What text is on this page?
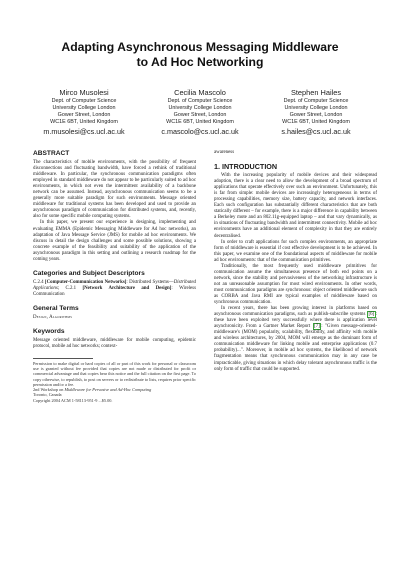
Adapting Asynchronous Messaging Middleware
to Ad Hoc Networking
Mirco Musolesi
Dept. of Computer Science
University College London
Gower Street, London
WC1E 6BT, United Kingdom
m.musolesi@cs.ucl.ac.uk
Cecilia Mascolo
Dept. of Computer Science
University College London
Gower Street, London
WC1E 6BT, United Kingdom
c.mascolo@cs.ucl.ac.uk
Stephen Hailes
Dept. of Computer Science
University College London
Gower Street, London
WC1E 6BT, United Kingdom
s.hailes@cs.ucl.ac.uk
ABSTRACT

The characteristics of mobile environments, with the possibility of frequent disconnections and fluctuating bandwidth, have forced a rethink of traditional middleware. In particular, the synchronous communication paradigms often employed in standard middleware do not appear to be particularly suited to ad hoc environments, in which not even the intermittent availability of a backbone network can be assumed. Instead, asynchronous communication seems to be a generally more suitable paradigm for such environments. Message oriented middleware for traditional systems has been developed and used to provide an asynchronous paradigm of communication for distributed systems, and, recently, also for some specific mobile computing systems.

In this paper, we present our experience in designing, implementing and evaluating EMMA (Epidemic Messaging Middleware for Ad hoc networks), an adaptation of Java Message Service (JMS) for mobile ad hoc environments. We discuss in detail the design challenges and some possible solutions, showing a concrete example of the feasibility and suitability of the application of the asynchronous paradigm in this setting and outlining a research roadmap for the coming years.

Categories and Subject Descriptors

C.2.4 [Computer-Communication Networks]: Distributed Systems—Distributed Applications; C.2.1 [Network Architecture and Design]: Wireless Communication

General Terms

Design, Algorithms

Keywords

Message oriented middleware, middleware for mobile computing, epidemic protocol, mobile ad hoc networks; context-

Permission to make digital or hard copies of all or part of this work for personal or classroom use is granted without fee provided that copies are not made or distributed for profit or commercial advantage and that copies bear this notice and the full citation on the first page. To copy otherwise, to republish, to post on servers or to redistribute to lists, requires prior specific permission and/or a fee.

2nd Workshop on Middleware for Pervasive and Ad-Hoc Computing

Toronto, Canada

Copyright 2004 ACM 1-58113-951-9 ...$5.00.

awareness

1. INTRODUCTION

With the increasing popularity of mobile devices and their widespread adoption, there is a clear need to allow the development of a broad spectrum of applications that operate effectively over such an environment. Unfortunately, this is far from simple: mobile devices are increasingly heterogeneous in terms of processing capabilities, memory size, battery capacity, and network interfaces. Each such configuration has substantially different characteristics that are both statically different – for example, there is a major difference in capability between a Berkeley mote and an 802.11g-equipped laptop – and that vary dynamically, as in situations of fluctuating bandwidth and intermittent connectivity. Mobile ad hoc environments have an additional element of complexity in that they are entirely decentralised.

In order to craft applications for such complex environments, an appropriate form of middleware is essential if cost effective development is to be achieved. In this paper, we examine one of the foundational aspects of middleware for mobile ad hoc environments: that of the communication primitives.

Traditionally, the most frequently used middleware primitives for communication assume the simultaneous presence of both end points on a network, since the stability and pervasiveness of the networking infrastructure is not an unreasonable assumption for most wired environments. In other words, most communication paradigms are synchronous: object oriented middleware such as CORBA and Java RMI are typical examples of middleware based on synchronous communication.

In recent years, there has been growing interest in platforms based on asynchronous communication paradigms, such as publish-subscribe systems [6] : these have been exploited very successfully where there is application level asynchronicity. From a Gartner Market Report [7] : "Given message-oriented-middleware's (MOM) popularity, scalability, flexibility, and affinity with mobile and wireless architectures, by 2004, MOM will emerge as the dominant form of communication middleware for linking mobile and enterprise applications (0.7 probability)...". Moreover, in mobile ad hoc systems, the likelihood of network fragmentation means that synchronous communication may in any case be impracticable, giving situations in which delay tolerant asynchronous traffic is the only form of traffic that could be supported.
